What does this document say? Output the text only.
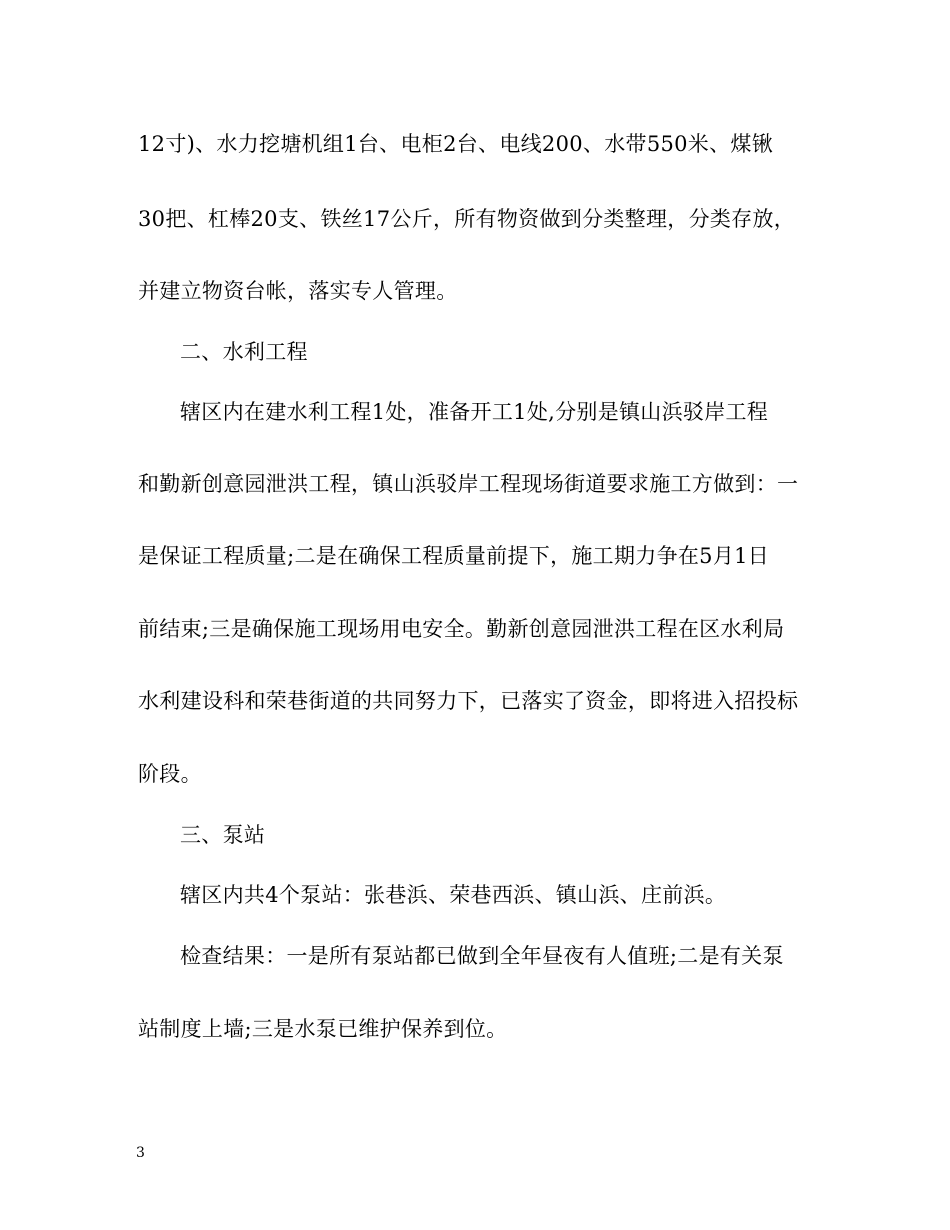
12寸)、水力挖塘机组1台、电柜2台、电线200、水带550米、煤锹
30把、杠棒20支、铁丝17公斤，所有物资做到分类整理，分类存放，
并建立物资台帐，落实专人管理。
二、水利工程
辖区内在建水利工程1处，准备开工1处,分别是镇山浜驳岸工程
和勤新创意园泄洪工程，镇山浜驳岸工程现场街道要求施工方做到：一
是保证工程质量;二是在确保工程质量前提下，施工期力争在5月1日
前结束;三是确保施工现场用电安全。勤新创意园泄洪工程在区水利局
水利建设科和荣巷街道的共同努力下，已落实了资金，即将进入招投标
阶段。
三、泵站
辖区内共4个泵站：张巷浜、荣巷西浜、镇山浜、庄前浜。
检查结果：一是所有泵站都已做到全年昼夜有人值班;二是有关泵
站制度上墙;三是水泵已维护保养到位。
3
